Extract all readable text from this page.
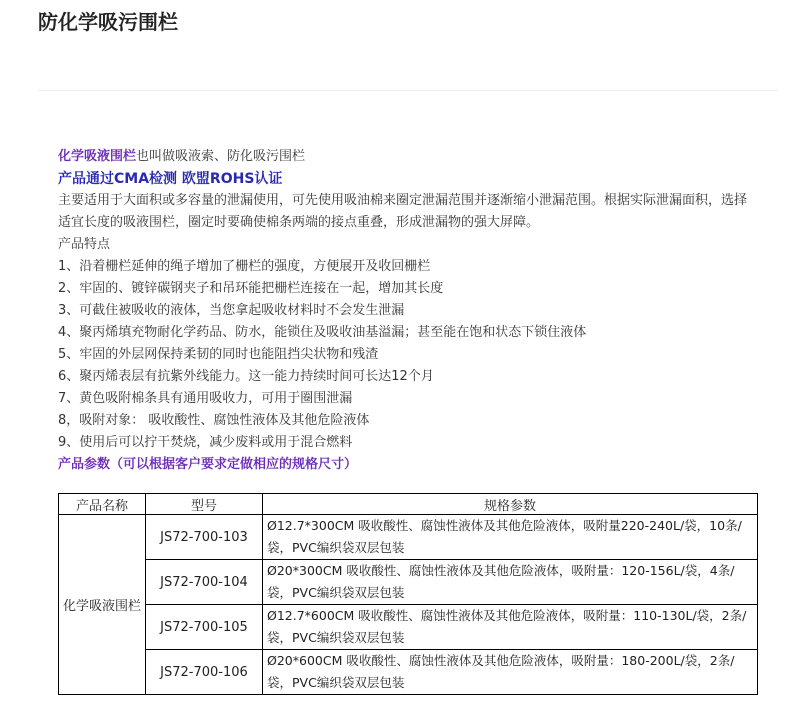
防化学吸污围栏

化学吸液围栏也叫做吸液索、防化吸污围栏

产品通过CMA检测 欧盟ROHS认证

主要适用于大面积或多容量的泄漏使用，可先使用吸油棉来圈定泄漏范围并逐渐缩小泄漏范围。根据实际泄漏面积，选择适宜长度的吸液围栏，圈定时要确使棉条两端的接点重叠，形成泄漏物的强大屏障。

产品特点

1、沿着栅栏延伸的绳子增加了栅栏的强度，方便展开及收回栅栏

2、牢固的、镀锌碳钢夹子和吊环能把栅栏连接在一起，增加其长度

3、可截住被吸收的液体，当您拿起吸收材料时不会发生泄漏

4、聚丙烯填充物耐化学药品、防水，能锁住及吸收油基溢漏；甚至能在饱和状态下锁住液体

5、牢固的外层网保持柔韧的同时也能阻挡尖状物和残渣

6、聚丙烯表层有抗紫外线能力。这一能力持续时间可长达12个月

7、黄色吸附棉条具有通用吸收力，可用于圈围泄漏

8，吸附对象： 吸收酸性、腐蚀性液体及其他危险液体

9、使用后可以拧干焚烧，减少废料或用于混合燃料

产品参数（可以根据客户要求定做相应的规格尺寸）

产品名称	型号	规格参数
化学吸液围栏	JS72-700-103	Ø12.7*300CM 吸收酸性、腐蚀性液体及其他危险液体，吸附量220-240L/袋，10条/袋，PVC编织袋双层包装
	JS72-700-104	Ø20*300CM 吸收酸性、腐蚀性液体及其他危险液体，吸附量：120-156L/袋，4条/袋，PVC编织袋双层包装
	JS72-700-105	Ø12.7*600CM 吸收酸性、腐蚀性液体及其他危险液体，吸附量：110-130L/袋，2条/袋，PVC编织袋双层包装
	JS72-700-106	Ø20*600CM 吸收酸性、腐蚀性液体及其他危险液体，吸附量：180-200L/袋，2条/袋，PVC编织袋双层包装
